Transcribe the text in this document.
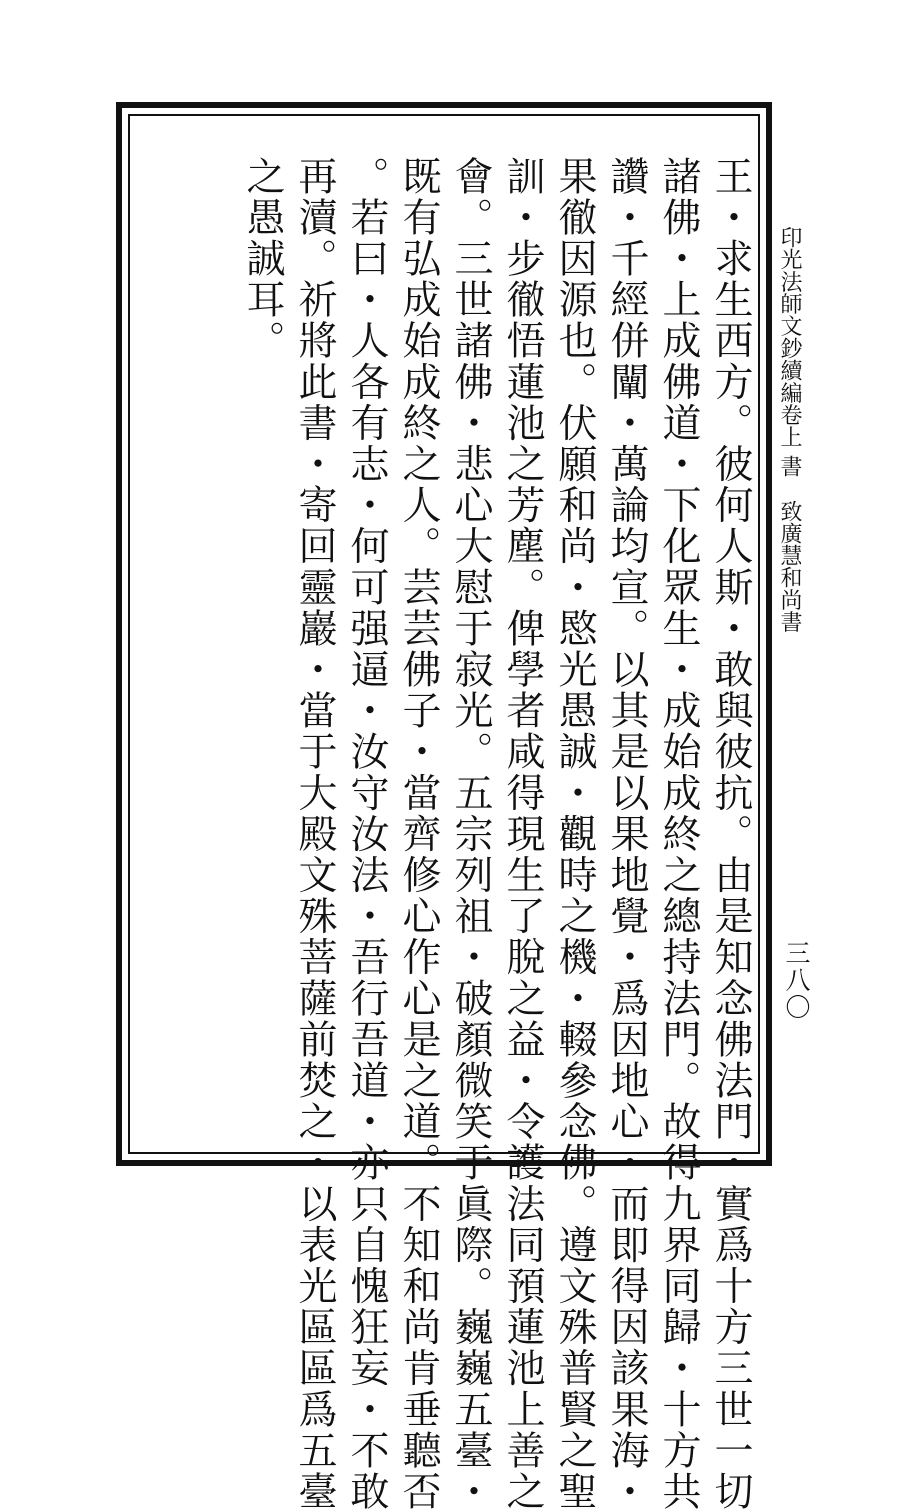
印光法師文鈔續編卷上
書
致廣慧和尚書
三八〇
王・求生西方。彼何人斯・敢與彼抗。由是知念佛法門・實爲十方三世一切
諸佛・上成佛道・下化眾生・成始成終之總持法門。故得九界同歸・十方共
讚・千經併闡・萬論均宣。以其是以果地覺・爲因地心・而即得因該果海・
果徹因源也。伏願和尚・愍光愚誠・觀時之機・輟參念佛。遵文殊普賢之聖
訓・步徹悟蓮池之芳塵。俾學者咸得現生了脫之益・令護法同預蓮池上善之
會。三世諸佛・悲心大慰于寂光。五宗列祖・破顏微笑于眞際。巍巍五臺・
既有弘成始成終之人。芸芸佛子・當齊修心作心是之道。不知和尚肯垂聽否
。若曰・人各有志・何可强逼・汝守汝法・吾行吾道・亦只自愧狂妄・不敢
再瀆。祈將此書・寄回靈巖・當于大殿文殊菩薩前焚之・以表光區區爲五臺
之愚誠耳。
